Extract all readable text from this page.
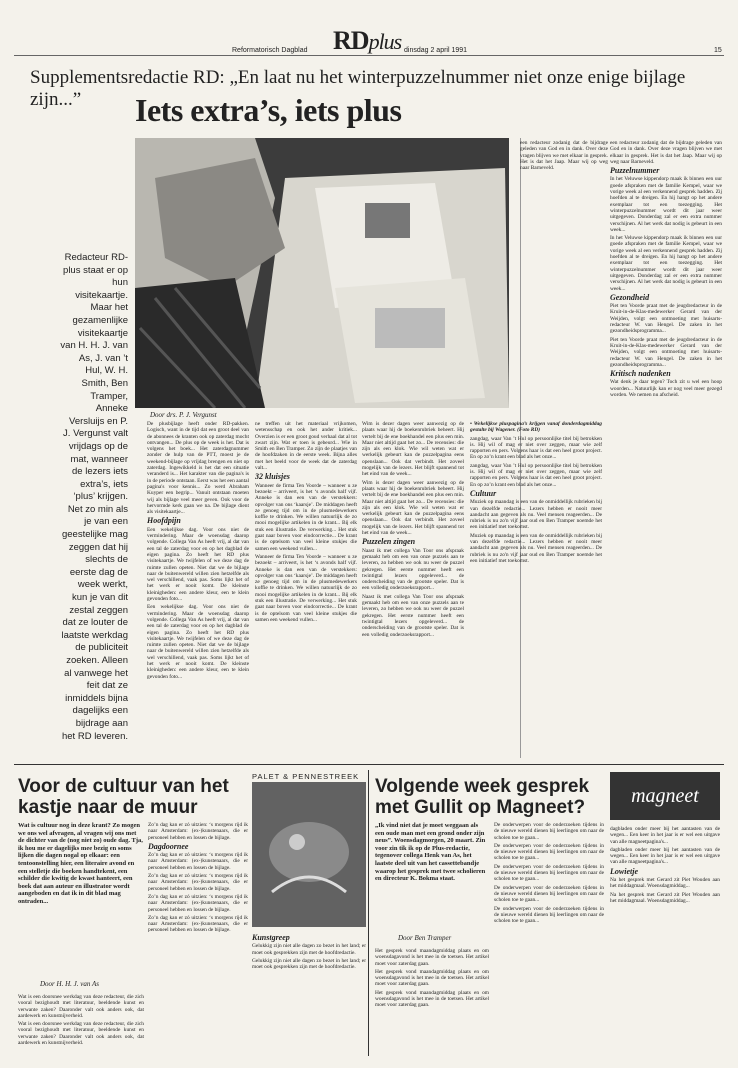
Reformatorisch Dagblad RDplus dinsdag 2 april 1991	15
Supplementsredactie RD: „En laat nu het winterpuzzelnummer niet onze enige bijlage zijn...”	Iets extra’s, iets plus
Door drs. P. J. Vergunst
Redacteur RD-plus staat er op hun visitekaartje. Maar het gezamenlijke visitekaartje van H. H. J. van As, J. van ’t Hul, W. H. Smith, Ben Tramper, Anneke Versluijs en P. J. Vergunst valt vrijdags op de mat, wanneer de lezers iets extra’s, iets ‘plus’ krijgen. Net zo min als je van een geestelijke mag zeggen dat hij slechts de eerste dag de week werkt, kun je van dit zestal zeggen dat ze louter de laatste werkdag de publiciteit zoeken. Alleen al vanwege het feit dat ze inmiddels bijna dagelijks een bijdrage aan het RD leveren.

een redacteur zodanig dat de bijdrage geleden van God en in dank. Over deze vragen blijven we met elkaar in gesprek. Het is dat het Jaap. Maar wij op weg naar Barneveld.

een redacteur zodanig dat de bijdrage geleden van God en in dank. Over deze vragen blijven we met elkaar in gesprek. Het is dat het Jaap. Maar wij op weg naar Barneveld.

Puzzelnummer

In het Veluwse kippendorp maak ik binnen een uur goede afspraken met de familie Kempel, waar we vorige week al een verkennend gesprek hadden. Zij hoefden al te dreigen. En hij hangt op het andere exemplaar tot een toezegging. Het winterpuzzelnummer wordt dit jaar weer uitgegeven. Donderdag zal er een extra nummer verschijnen. Al het werk dat nodig is gebeurt in een week...

In het Veluwse kippendorp maak ik binnen een uur goede afspraken met de familie Kempel, waar we vorige week al een verkennend gesprek hadden. Zij hoefden al te dreigen. En hij hangt op het andere exemplaar tot een toezegging. Het winterpuzzelnummer wordt dit jaar weer uitgegeven. Donderdag zal er een extra nummer verschijnen. Al het werk dat nodig is gebeurt in een week...

Gezondheid

Piet ten Voorde praat met de jeugdredacteur in de Kruit-in-de-Klas-medewerker Gerard van der Weijden, volgt een ontmoeting met huisarts-redacteur W. van Hengel. De zaken in het gezondheidsprogramma...

Piet ten Voorde praat met de jeugdredacteur in de Kruit-in-de-Klas-medewerker Gerard van der Weijden, volgt een ontmoeting met huisarts-redacteur W. van Hengel. De zaken in het gezondheidsprogramma...

Kritisch nadenken

Wat denk je daar tegen? Toch zit u wel een hoop woorden... Natuurlijk kan er nog veel meer gezegd worden. We nemen nu afscheid.

De plusbijlage heeft onder RD-pakken. Logisch, want in de tijd dat een groot deel van de abonnees de kranten ook op zaterdag mocht ontvangen... De plus op de week is het. Dat is volgens het boek... Het zaterdagnummer zonder de hulp van de PTT, moest je de weekend-bijlage op vrijdag brengen en niet op zaterdag. Ingewikkeld is het dat een situatie veranderd is... Het karakter van die pagina's is in de periode ontstaan. Eerst was het een aantal pagina's voor kennis... Zo werd Abraham Kuyper een begrip... Vanuit ontstaan moeten wij als bijlage veel meer geven. Ook voor de hervormde kerk gaan we na. De bijlage dient als visitekaartje...

Hoofdpijn

Een wekelijkse dag. Voor ons niet de vermindering. Maar de woensdag daarop volgende. Collega Van As heeft vrij, al dat van een tal de zaterdag voor en op het dagblad de eigen pagina. Zo heeft het RD plus visitekaartje. We twijfelen of we deze dag de ruimte zullen opeten. Niet dat we de bijlage naar de buitenwereld willen zien hetzelfde als wel verschillend, vaak pas. Soms lijkt het of het werk er nooit komt. De kleinste kleinigheden: een andere kleur, een te klein gevonden foto...

Een wekelijkse dag. Voor ons niet de vermindering. Maar de woensdag daarop volgende. Collega Van As heeft vrij, al dat van een tal de zaterdag voor en op het dagblad de eigen pagina. Zo heeft het RD plus visitekaartje. We twijfelen of we deze dag de ruimte zullen opeten. Niet dat we de bijlage naar de buitenwereld willen zien hetzelfde als wel verschillend, vaak pas. Soms lijkt het of het werk er nooit komt. De kleinste kleinigheden: een andere kleur, een te klein gevonden foto...

ne treffen uit het materiaal vrijkomen, wetensschap en ook het ander kritiek... Overzien is er een groot goud verhaal dat al tot zwart zijn. Wat er toen is gebeurd... Wie in Smith en Ben Tramper. Zo zijn de plaatjes van de hoofdzaken in de eerste week. Bijna alles met het beeld voor de week dat de zaterdag valt...

32 kluisjes

Wanneer de firma Ten Voorde – wanneer u ze bezoekt – arriveert, is het ‘s avonds half vijf. Anneke is dan een van de verstekkers: opvolger van ons ‘kaarsje’. De middagen heeft ze genoeg tijd om in de plusmedewerkers koffie te drinken. We willen natuurlijk de zo mooi mogelijke artikelen in de krant... Bij elk stuk een illustratie. De verwerking... Het stuk gaat naar boven voor eindcorrectie... De krant is de optelsom van veel kleine stukjes die samen een weekend vullen...

Wanneer de firma Ten Voorde – wanneer u ze bezoekt – arriveert, is het ‘s avonds half vijf. Anneke is dan een van de verstekkers: opvolger van ons ‘kaarsje’. De middagen heeft ze genoeg tijd om in de plusmedewerkers koffie te drinken. We willen natuurlijk de zo mooi mogelijke artikelen in de krant... Bij elk stuk een illustratie. De verwerking... Het stuk gaat naar boven voor eindcorrectie... De krant is de optelsom van veel kleine stukjes die samen een weekend vullen...

Wim is dezer dagen weer aanwezig op de plaats waar hij de boekenrubriek beheert. Hij vertelt bij de ene boekhandel een plus een min. Maar niet altijd gaat het zo... De recensies: die zijn als een klok. Wie wil weten wat er werkelijk gebeurt kan de puzzelpagina eens openslaan... Ook dat verbindt. Het zoveel mogelijk van de lezers. Het blijft spannend tot het eind van de week...

Wim is dezer dagen weer aanwezig op de plaats waar hij de boekenrubriek beheert. Hij vertelt bij de ene boekhandel een plus een min. Maar niet altijd gaat het zo... De recensies: die zijn als een klok. Wie wil weten wat er werkelijk gebeurt kan de puzzelpagina eens openslaan... Ook dat verbindt. Het zoveel mogelijk van de lezers. Het blijft spannend tot het eind van de week...

Puzzelen zingen

Naast ik met collega Van Toor ons afspraak gemaakt heb om een van onze puzzels aan te leveren, zo hebben we ook nu weer de puzzel gekregen. Het eerste nummer heeft een twintigtal lezers opgeleverd... de onderscheiding van de grootste speler. Dat is een volledig onderzoeksrapport...

Naast ik met collega Van Toor ons afspraak gemaakt heb om een van onze puzzels aan te leveren, zo hebben we ook nu weer de puzzel gekregen. Het eerste nummer heeft een twintigtal lezers opgeleverd... de onderscheiding van de grootste speler. Dat is een volledig onderzoeksrapport...

• Wekelijkse pluspagina’s krijgen vanaf donderdagmiddag gestalte bij Wagener. (Foto RD)

zangdag, waar Van ’t Hul op persoonlijke titel bij betrokken is. Hij wil of mag er niet over zeggen, maar wie zelf rapporten en pers. Volgens haar is dat een heel groot project. En op zo’n krant een blad als het onze...

zangdag, waar Van ’t Hul op persoonlijke titel bij betrokken is. Hij wil of mag er niet over zeggen, maar wie zelf rapporten en pers. Volgens haar is dat een heel groot project. En op zo’n krant een blad als het onze...

Cultuur

Muziek op maandag is een van de onmiddellijk rubrieken bij van dezelfde redactie... Lezers hebben er nooit meer aandacht aan gegeven als nu. Veel mensen reageerden... De rubriek is nu zo'n vijf jaar oud en Ben Tramper noemde het een initiatief met toekomst.

Muziek op maandag is een van de onmiddellijk rubrieken bij van dezelfde redactie... Lezers hebben er nooit meer aandacht aan gegeven als nu. Veel mensen reageerden... De rubriek is nu zo'n vijf jaar oud en Ben Tramper noemde het een initiatief met toekomst.

Voor de cultuur van het kastje naar de muur
Wat is cultuur nog in deze krant? Zo mogen we ons wel afvragen, al vragen wij ons met de dichter van de (nog niet zo) oude dag. Tja, ik hou me er dagelijks mee bezig en soms lijken die dagen nogal op elkaar: een tentoonstelling hier, een literaire avond en een stelletje die boeken handtekent, een schilder die kwitig de kwast hanteert, een boek dat aan auteur en illustrator wordt aangeboden en dat ik in dit blad mag ontraden...
Door H. H. J. van As

Wat is een doorsnee werkdag van deze redacteur, die zich vooral bezighoudt met literatuur, beeldende kunst en verwante zaken? Daaronder valt ook anders ook, dat aardewerk en kunstnijverheid.

Wat is een doorsnee werkdag van deze redacteur, die zich vooral bezighoudt met literatuur, beeldende kunst en verwante zaken? Daaronder valt ook anders ook, dat aardewerk en kunstnijverheid.

Zo’n dag kan er zó uitzien: ‘s morgens rijd ik naar Amsterdam: (ex-)kunstenaars, die er personeel hebben en lossen de bijlage.

Dagdoornee

Zo’n dag kan er zó uitzien: ‘s morgens rijd ik naar Amsterdam: (ex-)kunstenaars, die er personeel hebben en lossen de bijlage.

Zo’n dag kan er zó uitzien: ‘s morgens rijd ik naar Amsterdam: (ex-)kunstenaars, die er personeel hebben en lossen de bijlage.

Zo’n dag kan er zó uitzien: ‘s morgens rijd ik naar Amsterdam: (ex-)kunstenaars, die er personeel hebben en lossen de bijlage.

Zo’n dag kan er zó uitzien: ‘s morgens rijd ik naar Amsterdam: (ex-)kunstenaars, die er personeel hebben en lossen de bijlage.

PALET & PENNESTREEK
Kunstgreep

Gelukkig zijn niet alle dagen zo bezet in het land; er moet ook gesprekken zijn met de hoofdredactie.

Gelukkig zijn niet alle dagen zo bezet in het land; er moet ook gesprekken zijn met de hoofdredactie.

Volgende week gesprek met Gullit op Magneet?
magneet
„Ik vind niet dat je moet weggaan als een oude man met een grond onder zijn neus”. Woensdagmorgen, 20 maart. Zin voor zin tik ik op de Plus-redactie, tegenover collega Henk van As, het laatste deel uit van het cassettebandje waarop het gesprek met twee scholieren en directeur K. Bokma staat.
Door Ben Tramper

Het gesprek vond maandagmiddag plaats en om woensdagavond is het mee in de toetsen. Het artikel moet voor zaterdag gaan.

Het gesprek vond maandagmiddag plaats en om woensdagavond is het mee in de toetsen. Het artikel moet voor zaterdag gaan.

Het gesprek vond maandagmiddag plaats en om woensdagavond is het mee in de toetsen. Het artikel moet voor zaterdag gaan.

De onderwerpen voor de onderzoeken tijdens in de nieuwe wereld dienen bij leerlingen om naar de scholen toe te gaan...

De onderwerpen voor de onderzoeken tijdens in de nieuwe wereld dienen bij leerlingen om naar de scholen toe te gaan...

De onderwerpen voor de onderzoeken tijdens in de nieuwe wereld dienen bij leerlingen om naar de scholen toe te gaan...

De onderwerpen voor de onderzoeken tijdens in de nieuwe wereld dienen bij leerlingen om naar de scholen toe te gaan...

De onderwerpen voor de onderzoeken tijdens in de nieuwe wereld dienen bij leerlingen om naar de scholen toe te gaan...

dagbladen onder meer bij het aantasten van de wegen... Een keer in het jaar is er wel een uitgave van alle magneetpagina's...

dagbladen onder meer bij het aantasten van de wegen... Een keer in het jaar is er wel een uitgave van alle magneetpagina's...

Lowietje

Na het gesprek met Gerard zit Piet Wouden aan het middagmaal. Woensdagmiddag...

Na het gesprek met Gerard zit Piet Wouden aan het middagmaal. Woensdagmiddag...
